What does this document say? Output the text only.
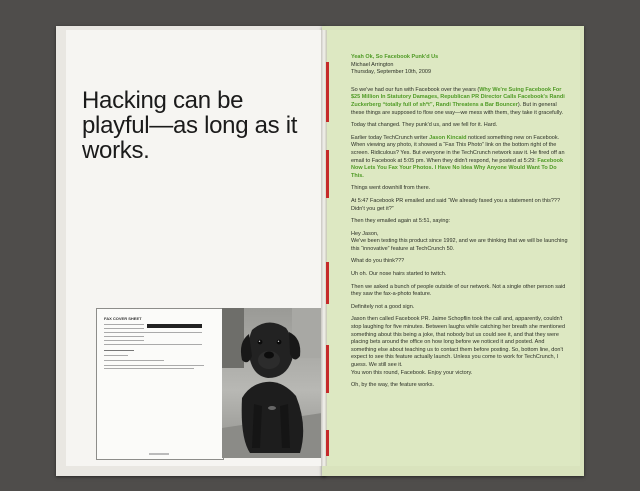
Hacking can be playful—as long as it works.
FAX COVER SHEET

Yeah Ok, So Facebook Punk'd Us

Michael Arrington

Thursday, September 10th, 2009

So we've had our fun with Facebook over the years (Why We're Suing Facebook For $25 Million In Statutory Damages, Republican PR Director Calls Facebook's Randi Zuckerberg “totally full of sh*t”, Randi Threatens a Bar Bouncer). But in general these things are supposed to flow one way—we mess with them, they take it gracefully.

Today that changed. They punk'd us, and we fell for it. Hard.

Earlier today TechCrunch writer Jason Kincaid noticed something new on Facebook. When viewing any photo, it showed a “Fax This Photo” link on the bottom right of the screen. Ridiculous? Yes. But everyone in the TechCrunch network saw it. He fired off an email to Facebook at 5:05 pm. When they didn't respond, he posted at 5:29: Facebook Now Lets You Fax Your Photos. I Have No Idea Why Anyone Would Want To Do This.

Things went downhill from there.

At 5:47 Facebook PR emailed and said “We already faxed you a statement on this??? Didn't you get it?”

Then they emailed again at 5:51, saying:

Hey Jason,
We've been testing this product since 1992, and we are thinking that we will be launching this “innovative” feature at TechCrunch 50.

What do you think???

Uh oh. Our nose hairs started to twitch.

Then we asked a bunch of people outside of our network. Not a single other person said they saw the fax-a-photo feature.

Definitely not a good sign.

Jason then called Facebook PR. Jaime Schopflin took the call and, apparently, couldn't stop laughing for five minutes. Between laughs while catching her breath she mentioned something about this being a joke, that nobody but us could see it, and that they were placing bets around the office on how long before we noticed it and posted. And something else about teaching us to contact them before posting. So, bottom line, don't expect to see this feature actually launch. Unless you come to work for TechCrunch, I guess. We still see it.
You won this round, Facebook. Enjoy your victory.

Oh, by the way, the feature works.
